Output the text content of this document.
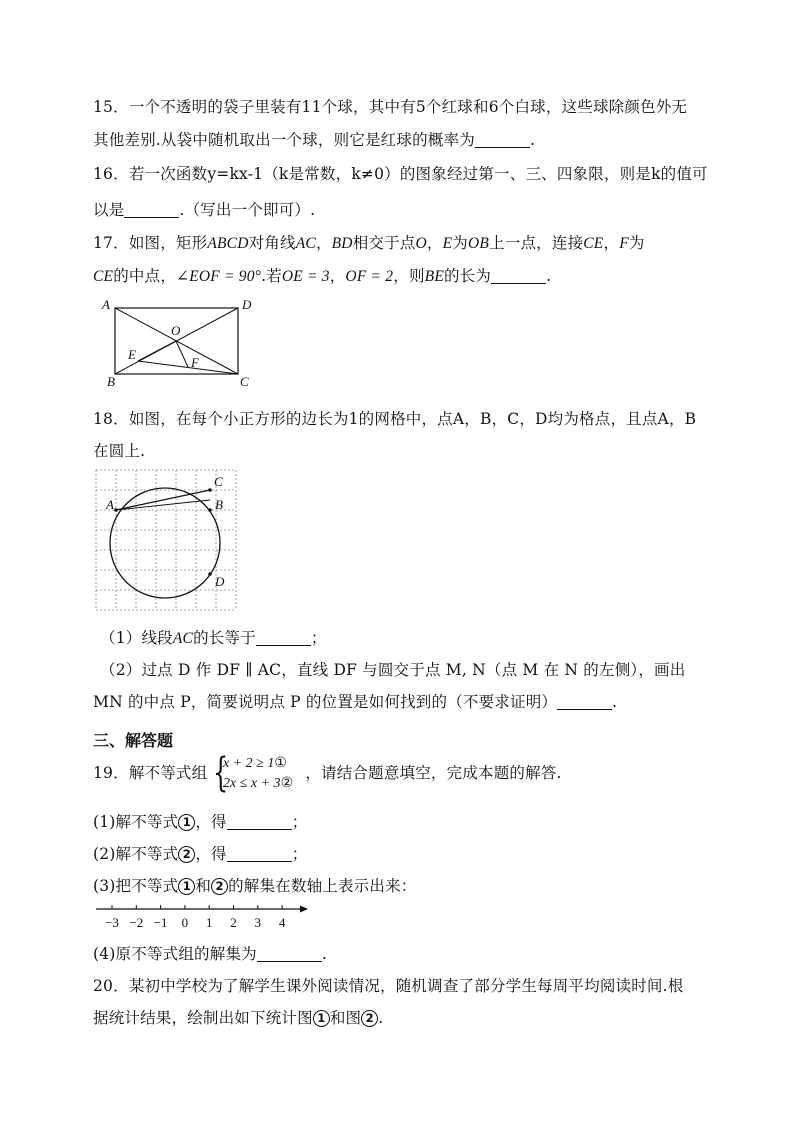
15．一个不透明的袋子里装有11个球，其中有5个红球和6个白球，这些球除颜色外无
其他差别.从袋中随机取出一个球，则它是红球的概率为	.
16．若一次函数y=kx-1（k是常数，k≠0）的图象经过第一、三、四象限，则是k的值可
以是	.（写出一个即可）.
17．如图，矩形ABCD对角线AC，BD相交于点O，E为OB上一点，连接CE，F为
CE的中点，∠EOF = 90°.若OE = 3，OF = 2，则BE的长为	.
A	D
O
E
F
B	C
18．如图，在每个小正方形的边长为1的网格中，点A，B，C，D均为格点，且点A，B
在圆上.
A
C
B
D
（1）线段AC的长等于	；
（2）过点 D 作 DF ∥ AC，直线 DF 与圆交于点 M, N（点 M 在 N 的左侧），画出
MN 的中点 P，简要说明点 P 的位置是如何找到的（不要求证明）	.
三、解答题
19．解不等式组	，请结合题意填空，完成本题的解答.
{
x + 2 ≥ 1①
2x ≤ x + 3②
(1)解不等式 1 ，得	；
(2)解不等式 2 ，得	；
(3)把不等式 1 和 2 的解集在数轴上表示出来：
−3 −2 −1 0 1 2 3 4
(4)原不等式组的解集为	.
20．某初中学校为了解学生课外阅读情况，随机调查了部分学生每周平均阅读时间.根
据统计结果，绘制出如下统计图 1 和图 2 .
